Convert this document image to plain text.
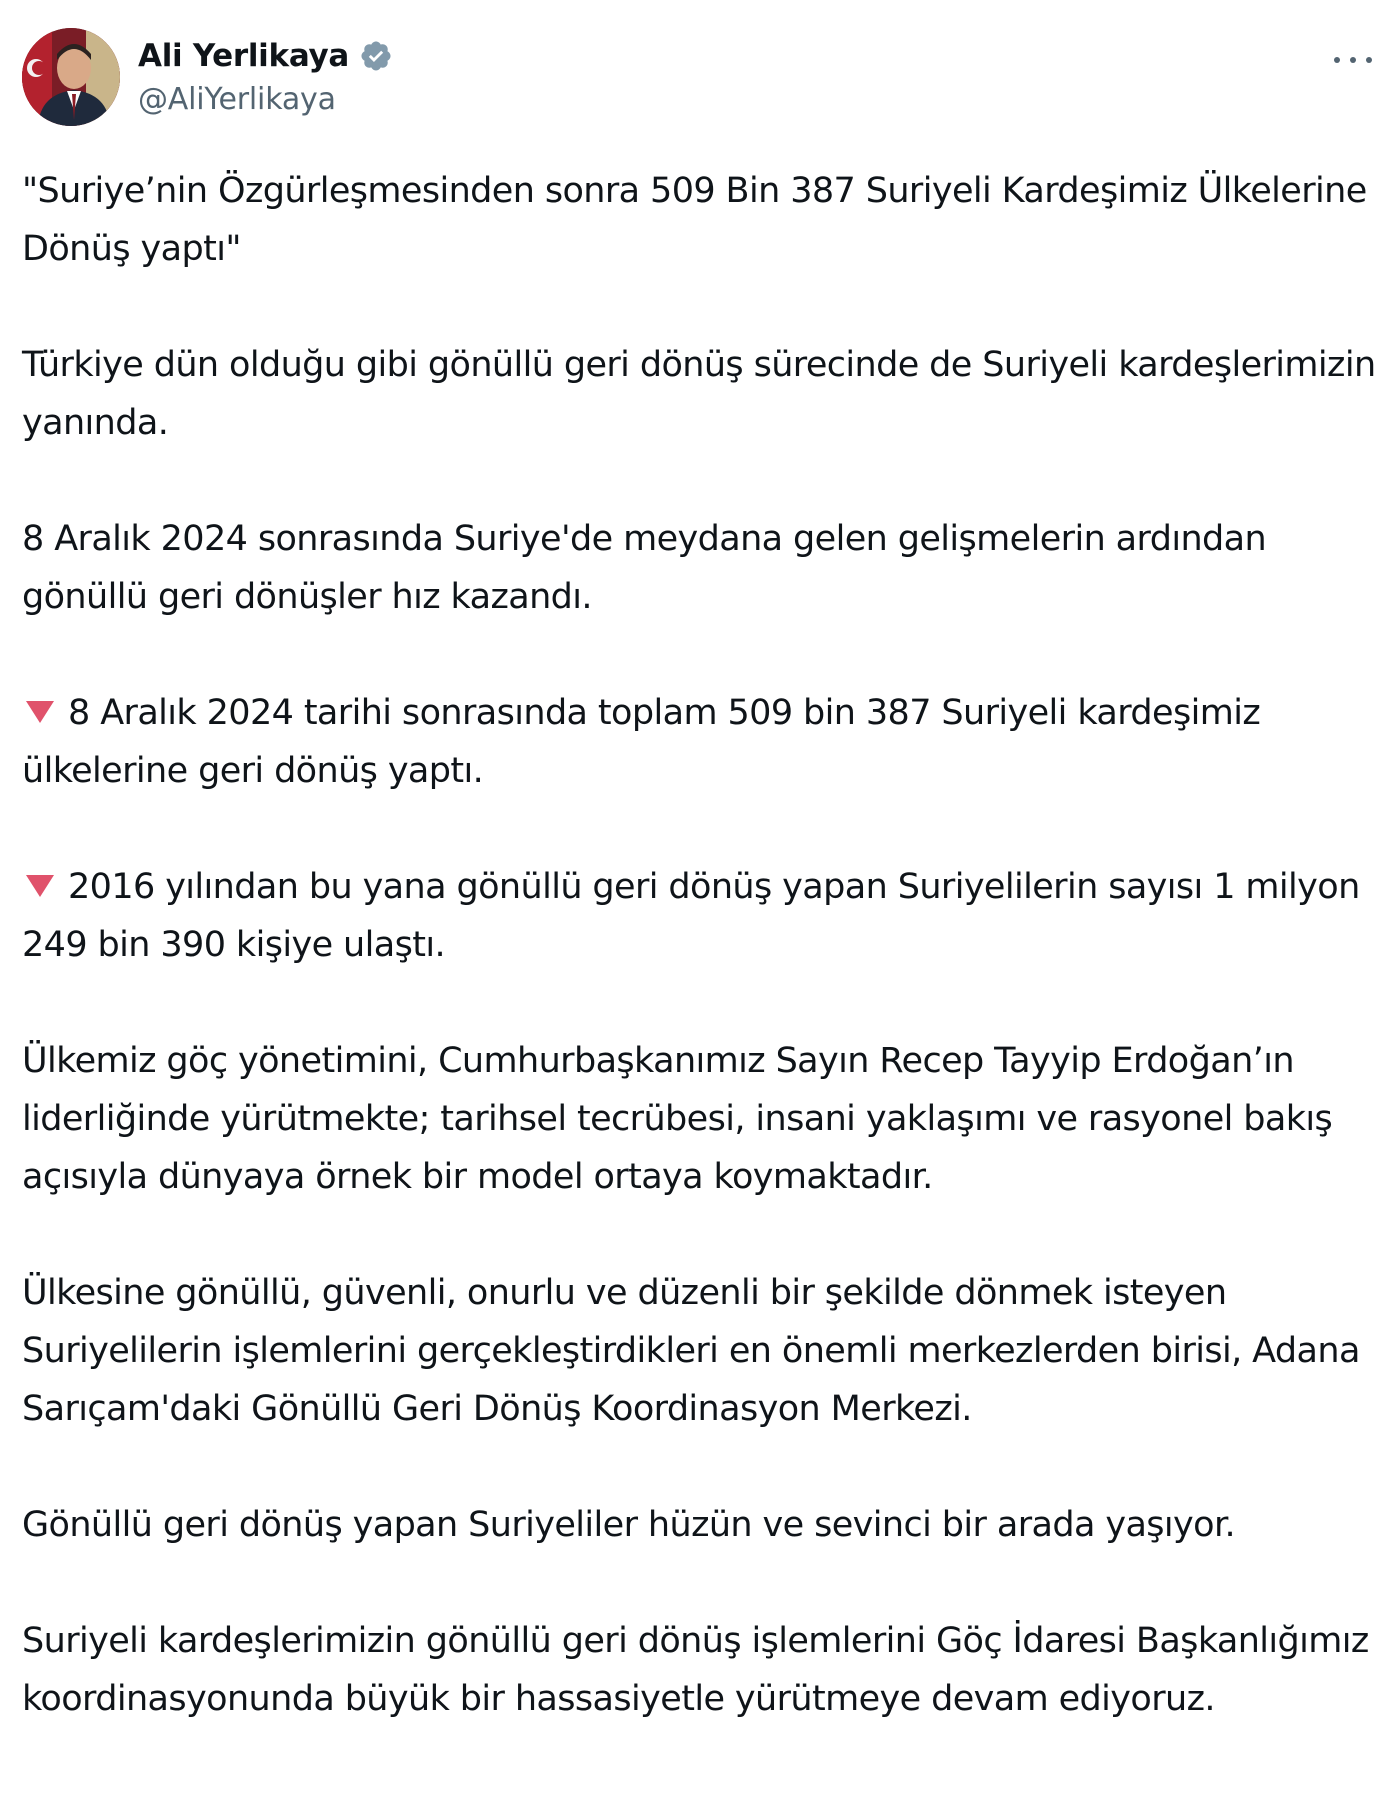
Ali Yerlikaya
@AliYerlikaya

"Suriye’nin Özgürleşmesinden sonra 509 Bin 387 Suriyeli Kardeşimiz Ülkelerine Dönüş yaptı"

Türkiye dün olduğu gibi gönüllü geri dönüş sürecinde de Suriyeli kardeşlerimizin yanında.

8 Aralık 2024 sonrasında Suriye'de meydana gelen gelişmelerin ardından gönüllü geri dönüşler hız kazandı.

8 Aralık 2024 tarihi sonrasında toplam 509 bin 387 Suriyeli kardeşimiz ülkelerine geri dönüş yaptı.

2016 yılından bu yana gönüllü geri dönüş yapan Suriyelilerin sayısı 1 milyon 249 bin 390 kişiye ulaştı.

Ülkemiz göç yönetimini, Cumhurbaşkanımız Sayın Recep Tayyip Erdoğan’ın liderliğinde yürütmekte; tarihsel tecrübesi, insani yaklaşımı ve rasyonel bakış açısıyla dünyaya örnek bir model ortaya koymaktadır.

Ülkesine gönüllü, güvenli, onurlu ve düzenli bir şekilde dönmek isteyen Suriyelilerin işlemlerini gerçekleştirdikleri en önemli merkezlerden birisi, Adana Sarıçam'daki Gönüllü Geri Dönüş Koordinasyon Merkezi.

Gönüllü geri dönüş yapan Suriyeliler hüzün ve sevinci bir arada yaşıyor.

Suriyeli kardeşlerimizin gönüllü geri dönüş işlemlerini Göç İdaresi Başkanlığımız koordinasyonunda büyük bir hassasiyetle yürütmeye devam ediyoruz.
